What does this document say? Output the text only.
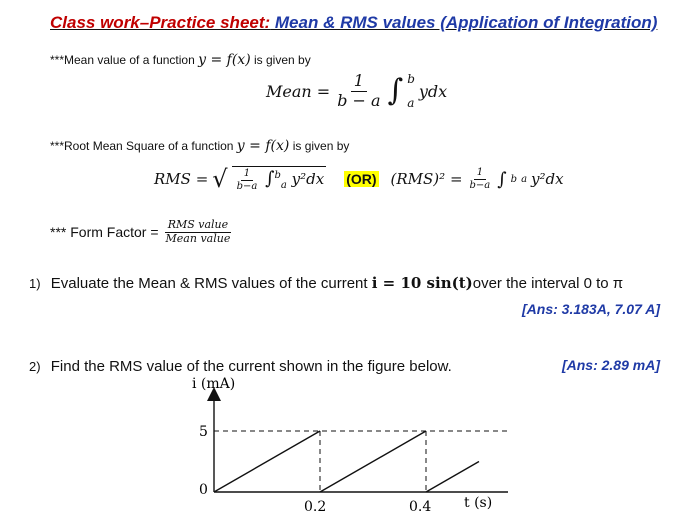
Class work–Practice sheet: Mean & RMS values (Application of Integration)
***Mean value of a function y = f(x) is given by
Mean = $\frac{1}{b - a}$ ∫ b
a
ydx
***Root Mean Square of a function y = f(x) is given by
RMS = √ $\frac{1}{b-a} \int^b_a$ y²dx (OR) $(RMS)^2 = \frac{1}{b-a}$ ∫ b a y²dx
*** Form Factor = $\frac{\text{RMS value}}{\text{Mean value}}$
1) Evaluate the Mean & RMS values of the current i = 10 sin(t)over the interval 0 to π
[Ans: 3.183A, 7.07 A]
2) Find the RMS value of the current shown in the figure below.	[Ans: 2.89 mA]
i (mA)
5
0
0.2	0.4 t (s)
